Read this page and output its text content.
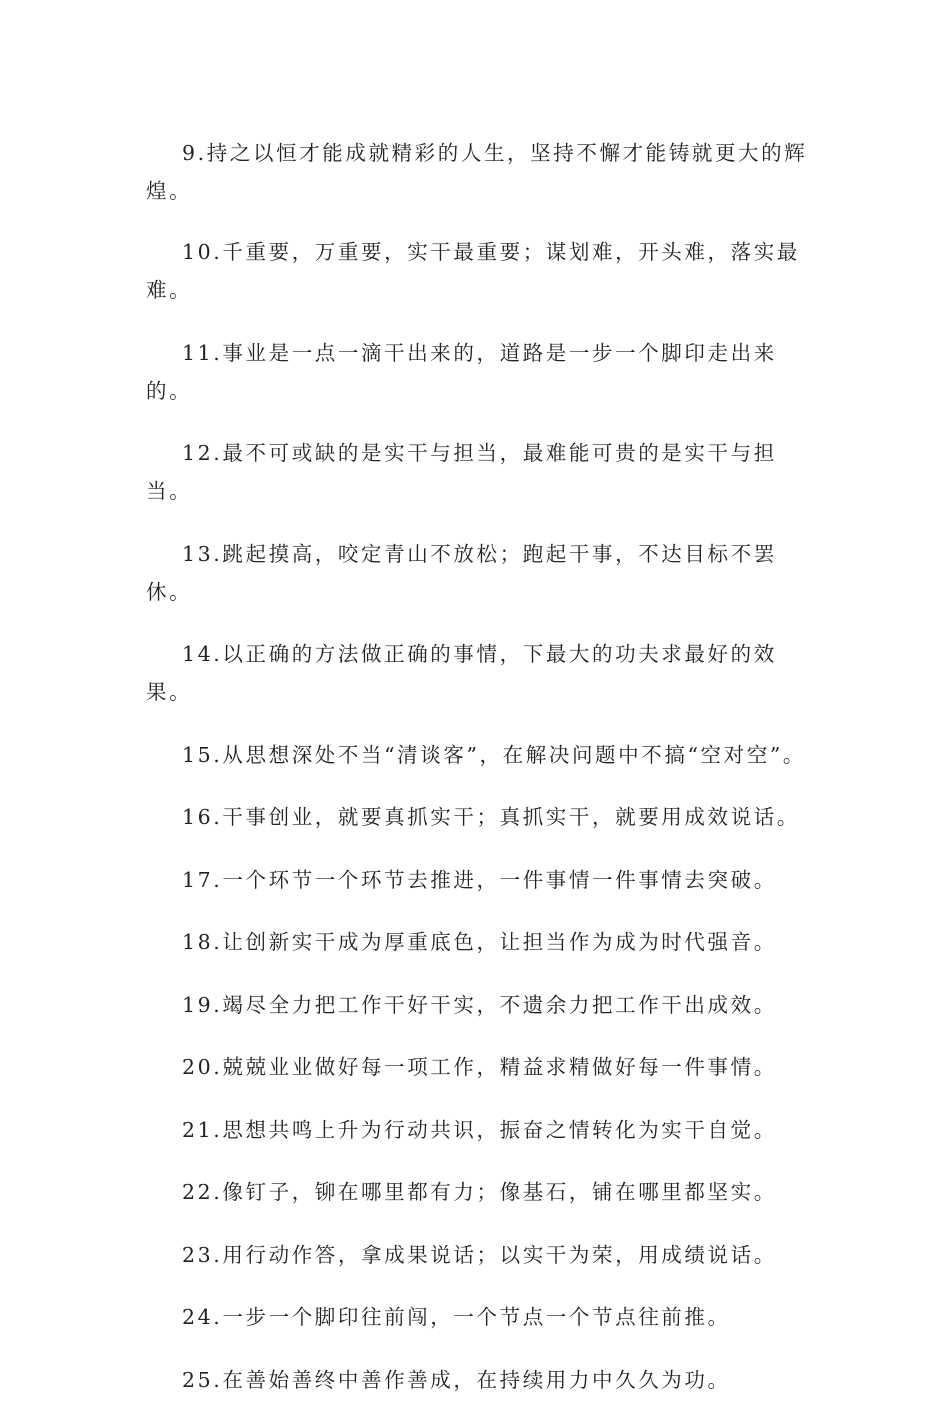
9.持之以恒才能成就精彩的人生，坚持不懈才能铸就更大的辉煌。

10.千重要，万重要，实干最重要；谋划难，开头难，落实最难。

11.事业是一点一滴干出来的，道路是一步一个脚印走出来的。

12.最不可或缺的是实干与担当，最难能可贵的是实干与担当。

13.跳起摸高，咬定青山不放松；跑起干事，不达目标不罢休。

14.以正确的方法做正确的事情，下最大的功夫求最好的效果。

15.从思想深处不当“清谈客”，在解决问题中不搞“空对空”。

16.干事创业，就要真抓实干；真抓实干，就要用成效说话。

17.一个环节一个环节去推进，一件事情一件事情去突破。

18.让创新实干成为厚重底色，让担当作为成为时代强音。

19.竭尽全力把工作干好干实，不遗余力把工作干出成效。

20.兢兢业业做好每一项工作，精益求精做好每一件事情。

21.思想共鸣上升为行动共识，振奋之情转化为实干自觉。

22.像钉子，铆在哪里都有力；像基石，铺在哪里都坚实。

23.用行动作答，拿成果说话；以实干为荣，用成绩说话。

24.一步一个脚印往前闯，一个节点一个节点往前推。

25.在善始善终中善作善成，在持续用力中久久为功。
